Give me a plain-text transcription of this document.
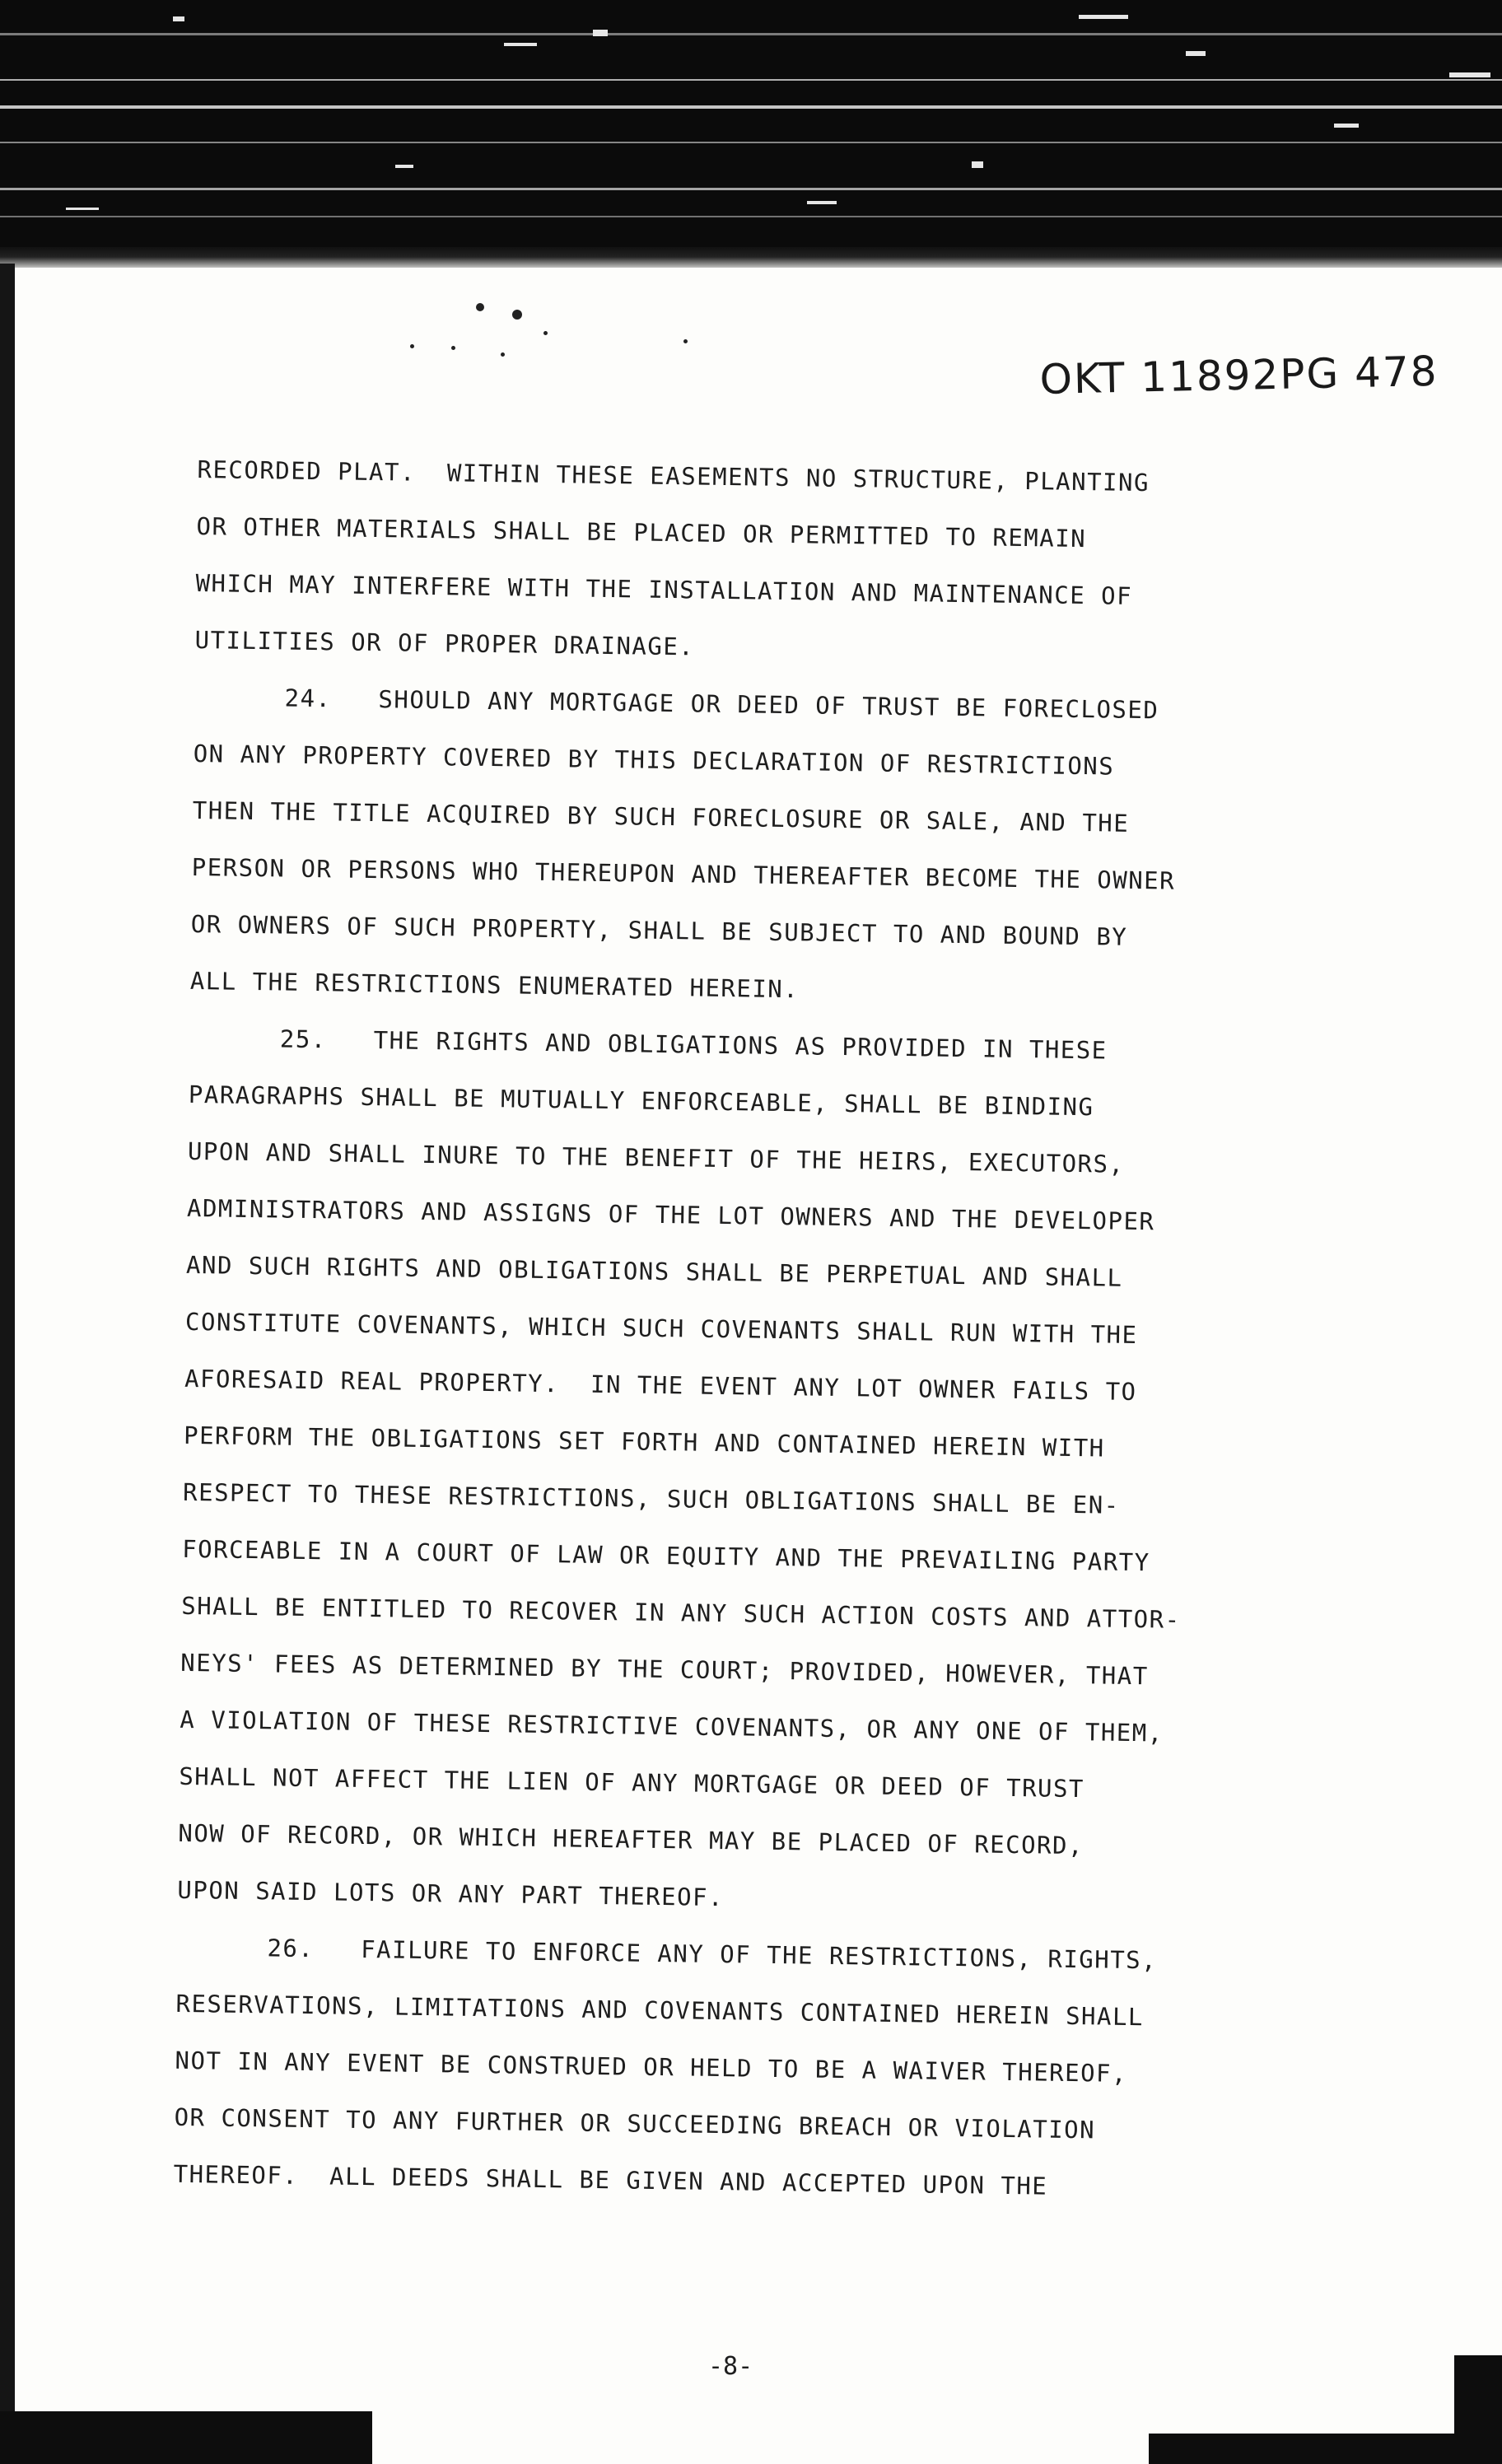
OKT 11892PG 478
RECORDED PLAT.  WITHIN THESE EASEMENTS NO STRUCTURE, PLANTING
OR OTHER MATERIALS SHALL BE PLACED OR PERMITTED TO REMAIN
WHICH MAY INTERFERE WITH THE INSTALLATION AND MAINTENANCE OF
UTILITIES OR OF PROPER DRAINAGE.
24. SHOULD ANY MORTGAGE OR DEED OF TRUST BE FORECLOSED
ON ANY PROPERTY COVERED BY THIS DECLARATION OF RESTRICTIONS
THEN THE TITLE ACQUIRED BY SUCH FORECLOSURE OR SALE, AND THE
PERSON OR PERSONS WHO THEREUPON AND THEREAFTER BECOME THE OWNER
OR OWNERS OF SUCH PROPERTY, SHALL BE SUBJECT TO AND BOUND BY
ALL THE RESTRICTIONS ENUMERATED HEREIN.
25. THE RIGHTS AND OBLIGATIONS AS PROVIDED IN THESE
PARAGRAPHS SHALL BE MUTUALLY ENFORCEABLE, SHALL BE BINDING
UPON AND SHALL INURE TO THE BENEFIT OF THE HEIRS, EXECUTORS,
ADMINISTRATORS AND ASSIGNS OF THE LOT OWNERS AND THE DEVELOPER
AND SUCH RIGHTS AND OBLIGATIONS SHALL BE PERPETUAL AND SHALL
CONSTITUTE COVENANTS, WHICH SUCH COVENANTS SHALL RUN WITH THE
AFORESAID REAL PROPERTY.  IN THE EVENT ANY LOT OWNER FAILS TO
PERFORM THE OBLIGATIONS SET FORTH AND CONTAINED HEREIN WITH
RESPECT TO THESE RESTRICTIONS, SUCH OBLIGATIONS SHALL BE EN-
FORCEABLE IN A COURT OF LAW OR EQUITY AND THE PREVAILING PARTY
SHALL BE ENTITLED TO RECOVER IN ANY SUCH ACTION COSTS AND ATTOR-
NEYS' FEES AS DETERMINED BY THE COURT; PROVIDED, HOWEVER, THAT
A VIOLATION OF THESE RESTRICTIVE COVENANTS, OR ANY ONE OF THEM,
SHALL NOT AFFECT THE LIEN OF ANY MORTGAGE OR DEED OF TRUST
NOW OF RECORD, OR WHICH HEREAFTER MAY BE PLACED OF RECORD,
UPON SAID LOTS OR ANY PART THEREOF.
26. FAILURE TO ENFORCE ANY OF THE RESTRICTIONS, RIGHTS,
RESERVATIONS, LIMITATIONS AND COVENANTS CONTAINED HEREIN SHALL
NOT IN ANY EVENT BE CONSTRUED OR HELD TO BE A WAIVER THEREOF,
OR CONSENT TO ANY FURTHER OR SUCCEEDING BREACH OR VIOLATION
THEREOF.  ALL DEEDS SHALL BE GIVEN AND ACCEPTED UPON THE
-8-
